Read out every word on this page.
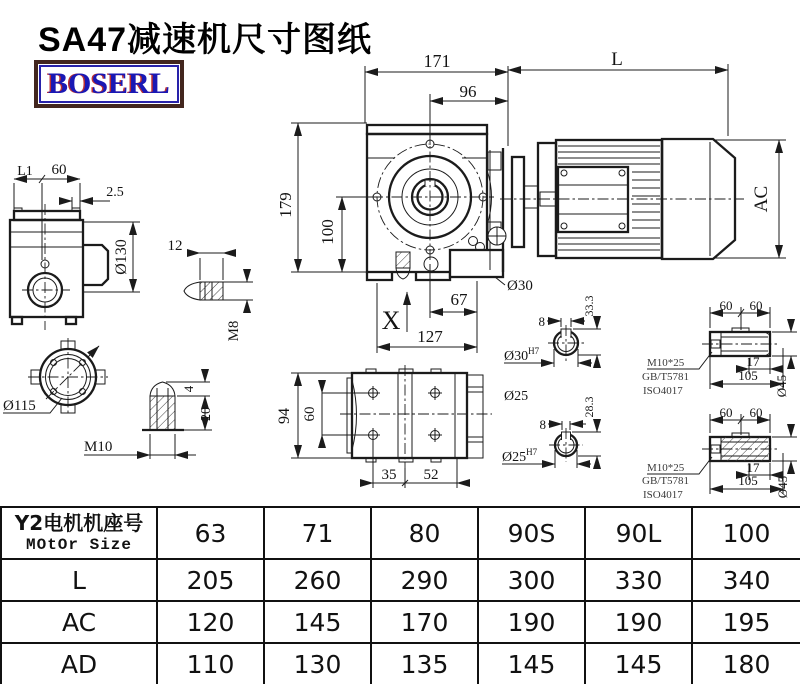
171
96
L
179
100
AC
X
67
127
Ø30
L1 60
2.5
Ø130	12
M8
Ø115
M10
4
20	94 60
35 52
8
33.3
$Ø30^{H7}$
Ø25
8
28.3
$Ø25^{H7}$
60 60
17
105 Ø45
M10*25
GB/T5781
ISO4017
60 60
17
105 Ø45
M10*25
GB/T5781
ISO4017
SA47减速机尺寸图纸
BOSERL
Y2电机机座号
MOtOr Size	63	71	80	90S	90L	100
L	205	260	290	300	330	340
AC	120	145	170	190	190	195
AD	110	130	135	145	145	180
